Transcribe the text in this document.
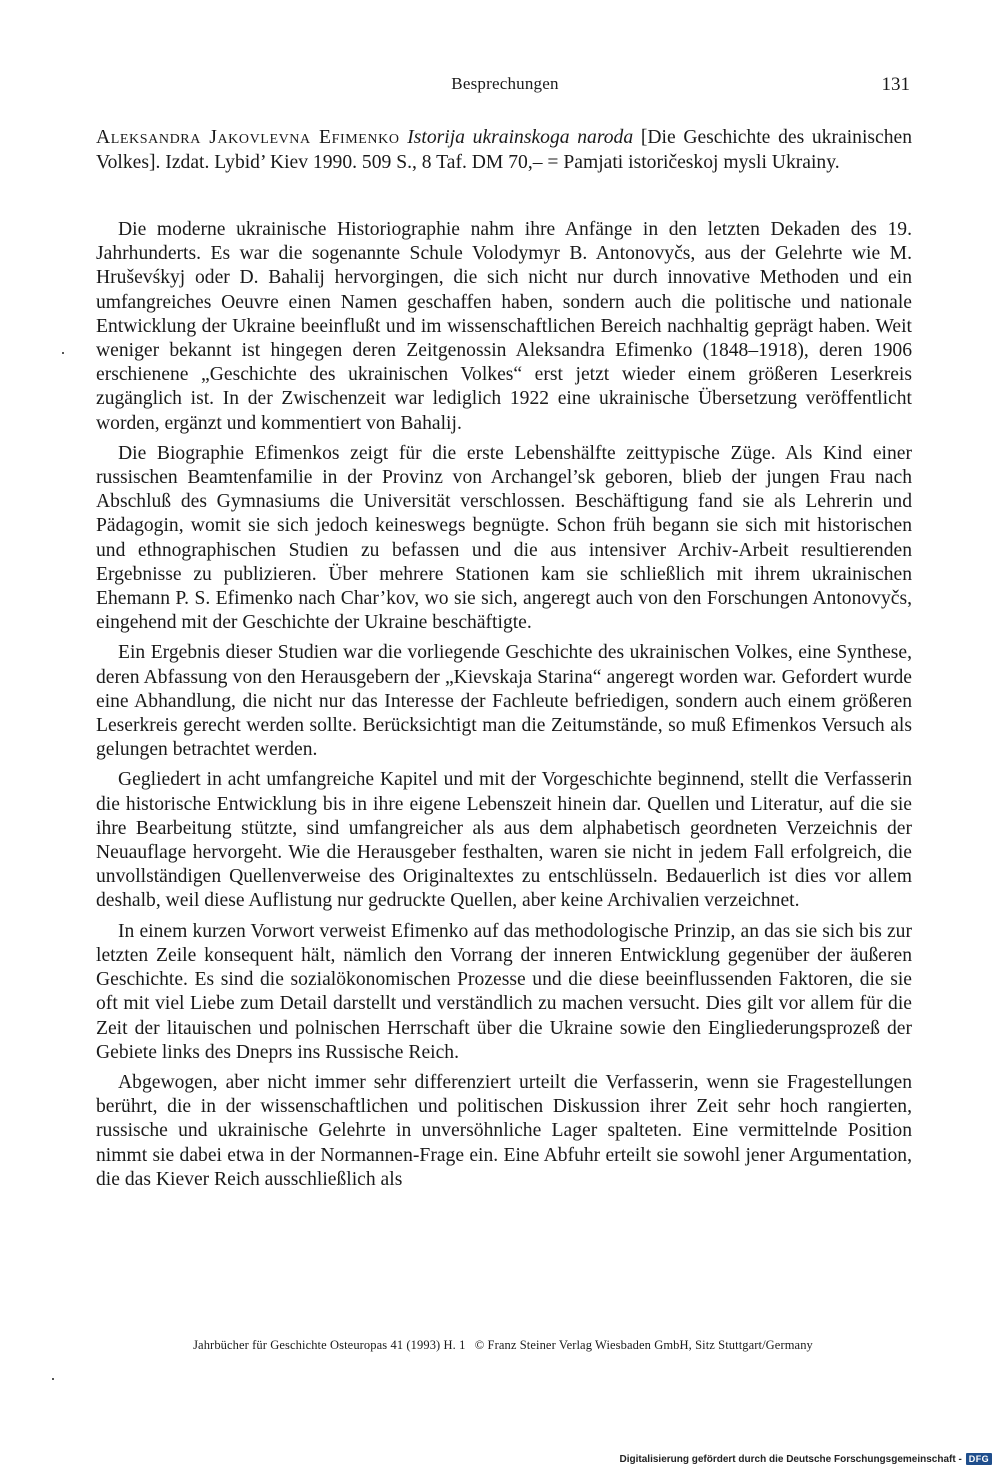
Besprechungen	131

Aleksandra Jakovlevna Efimenko Istorija ukrainskoga naroda [Die Geschichte des ukrainischen Volkes]. Izdat. Lybid’ Kiev 1990. 509 S., 8 Taf. DM 70,– = Pamjati istoričeskoj mysli Ukrainy.

Die moderne ukrainische Historiographie nahm ihre Anfänge in den letzten Dekaden des 19. Jahrhunderts. Es war die sogenannte Schule Volodymyr B. Antonovyčs, aus der Gelehrte wie M. Hruševśkyj oder D. Bahalij hervorgingen, die sich nicht nur durch innovative Methoden und ein umfangreiches Oeuvre einen Namen geschaffen haben, sondern auch die politische und nationale Entwicklung der Ukraine beeinflußt und im wissenschaftlichen Bereich nachhaltig geprägt haben. Weit weniger bekannt ist hingegen deren Zeitgenossin Aleksandra Efimenko (1848–1918), deren 1906 erschienene „Geschichte des ukrainischen Volkes“ erst jetzt wieder einem größeren Leserkreis zugänglich ist. In der Zwischenzeit war lediglich 1922 eine ukrainische Übersetzung veröffentlicht worden, ergänzt und kommentiert von Bahalij.

Die Biographie Efimenkos zeigt für die erste Lebenshälfte zeittypische Züge. Als Kind einer russischen Beamtenfamilie in der Provinz von Archangel’sk geboren, blieb der jungen Frau nach Abschluß des Gymnasiums die Universität verschlossen. Beschäftigung fand sie als Lehrerin und Pädagogin, womit sie sich jedoch keineswegs begnügte. Schon früh begann sie sich mit historischen und ethnographischen Studien zu befassen und die aus intensiver Archiv-Arbeit resultierenden Ergebnisse zu publizieren. Über mehrere Stationen kam sie schließlich mit ihrem ukrainischen Ehemann P. S. Efimenko nach Char’kov, wo sie sich, angeregt auch von den Forschungen Antonovyčs, eingehend mit der Geschichte der Ukraine beschäftigte.

Ein Ergebnis dieser Studien war die vorliegende Geschichte des ukrainischen Volkes, eine Synthese, deren Abfassung von den Herausgebern der „Kievskaja Starina“ angeregt worden war. Gefordert wurde eine Abhandlung, die nicht nur das Interesse der Fachleute befriedigen, sondern auch einem größeren Leserkreis gerecht werden sollte. Berücksichtigt man die Zeitumstände, so muß Efimenkos Versuch als gelungen betrachtet werden.

Gegliedert in acht umfangreiche Kapitel und mit der Vorgeschichte beginnend, stellt die Verfasserin die historische Entwicklung bis in ihre eigene Lebenszeit hinein dar. Quellen und Literatur, auf die sie ihre Bearbeitung stützte, sind umfangreicher als aus dem alphabetisch geordneten Verzeichnis der Neuauflage hervorgeht. Wie die Herausgeber festhalten, waren sie nicht in jedem Fall erfolgreich, die unvollständigen Quellenverweise des Originaltextes zu entschlüsseln. Bedauerlich ist dies vor allem deshalb, weil diese Auflistung nur gedruckte Quellen, aber keine Archivalien verzeichnet.

In einem kurzen Vorwort verweist Efimenko auf das methodologische Prinzip, an das sie sich bis zur letzten Zeile konsequent hält, nämlich den Vorrang der inneren Entwicklung gegenüber der äußeren Geschichte. Es sind die sozialökonomischen Prozesse und die diese beeinflussenden Faktoren, die sie oft mit viel Liebe zum Detail darstellt und verständlich zu machen versucht. Dies gilt vor allem für die Zeit der litauischen und polnischen Herrschaft über die Ukraine sowie den Eingliederungsprozeß der Gebiete links des Dneprs ins Russische Reich.

Abgewogen, aber nicht immer sehr differenziert urteilt die Verfasserin, wenn sie Fragestellungen berührt, die in der wissenschaftlichen und politischen Diskussion ihrer Zeit sehr hoch rangierten, russische und ukrainische Gelehrte in unversöhnliche Lager spalteten. Eine vermittelnde Position nimmt sie dabei etwa in der Normannen-Frage ein. Eine Abfuhr erteilt sie sowohl jener Argumentation, die das Kiever Reich ausschließlich als

Jahrbücher für Geschichte Osteuropas 41 (1993) H. 1 © Franz Steiner Verlag Wiesbaden GmbH, Sitz Stuttgart/Germany
Digitalisierung gefördert durch die Deutsche Forschungsgemeinschaft - DFG
